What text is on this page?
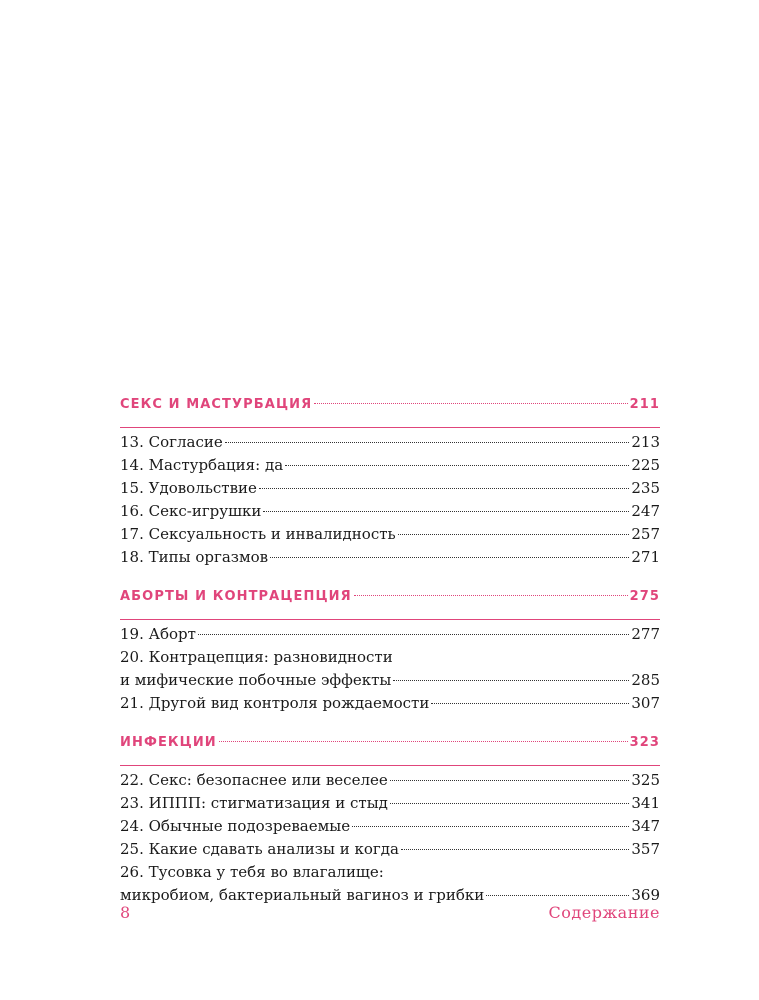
СЕКС И МАСТУРБАЦИЯ	211
13. Согласие	213
14. Мастурбация: да	225
15. Удовольствие	235
16. Секс-игрушки	247
17. Сексуальность и инвалидность	257
18. Типы оргазмов	271
АБОРТЫ И КОНТРАЦЕПЦИЯ	275
19. Аборт	277
20. Контрацепция: разновидности
и мифические побочные эффекты	285
21. Другой вид контроля рождаемости	307
ИНФЕКЦИИ	323
22. Секс: безопаснее или веселее	325
23. ИППП: стигматизация и стыд	341
24. Обычные подозреваемые	347
25. Какие сдавать анализы и когда	357
26. Тусовка у тебя во влагалище:
микробиом, бактериальный вагиноз и грибки	369
8	Содержание
